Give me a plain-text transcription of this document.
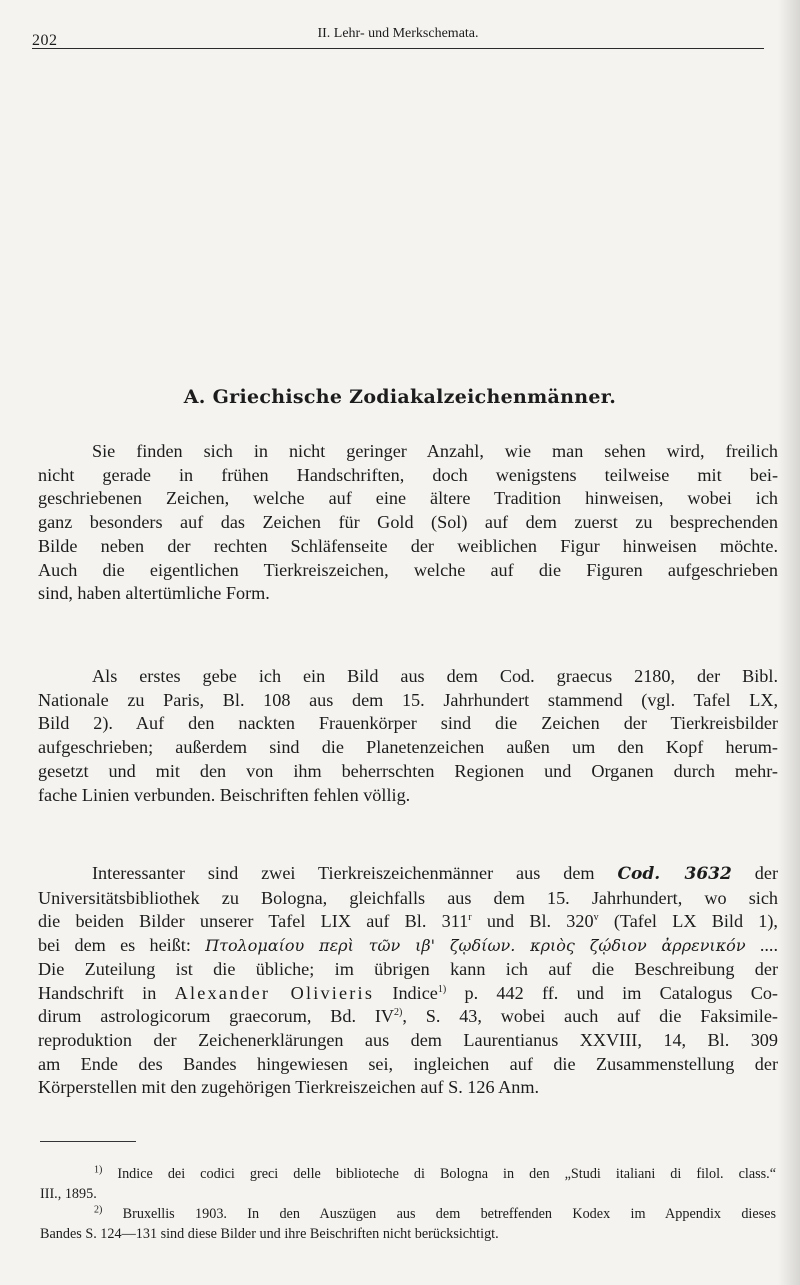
202	II. Lehr- und Merkschemata.
A. Griechische Zodiakalzeichenmänner.
Sie finden sich in nicht geringer Anzahl, wie man sehen wird, freilich
nicht gerade in frühen Handschriften, doch wenigstens teilweise mit bei-
geschriebenen Zeichen, welche auf eine ältere Tradition hinweisen, wobei ich
ganz besonders auf das Zeichen für Gold (Sol) auf dem zuerst zu besprechenden
Bilde neben der rechten Schläfenseite der weiblichen Figur hinweisen möchte.
Auch die eigentlichen Tierkreiszeichen, welche auf die Figuren aufgeschrieben
sind, haben altertümliche Form.
Als erstes gebe ich ein Bild aus dem Cod. graecus 2180, der Bibl.
Nationale zu Paris, Bl. 108 aus dem 15. Jahrhundert stammend (vgl. Tafel LX,
Bild 2). Auf den nackten Frauenkörper sind die Zeichen der Tierkreisbilder
aufgeschrieben; außerdem sind die Planetenzeichen außen um den Kopf herum-
gesetzt und mit den von ihm beherrschten Regionen und Organen durch mehr-
fache Linien verbunden. Beischriften fehlen völlig.
Interessanter sind zwei Tierkreiszeichenmänner aus dem Cod. 3632 der
Universitätsbibliothek zu Bologna, gleichfalls aus dem 15. Jahrhundert, wo sich
die beiden Bilder unserer Tafel LIX auf Bl. 311$^r$ und Bl. 320$^v$ (Tafel LX Bild 1),
bei dem es heißt: Πτολομαίου περὶ τῶν ιβ' ζῳδίων. κριὸς ζῴδιον ἀρρενικόν ....
Die Zuteilung ist die übliche; im übrigen kann ich auf die Beschreibung der
Handschrift in Alexander Olivieris Indice$^{1)}$ p. 442 ff. und im Catalogus Co-
dirum astrologicorum graecorum, Bd. IV$^{2)}$, S. 43, wobei auch auf die Faksimile-
reproduktion der Zeichenerklärungen aus dem Laurentianus XXVIII, 14, Bl. 309
am Ende des Bandes hingewiesen sei, ingleichen auf die Zusammenstellung der
Körperstellen mit den zugehörigen Tierkreiszeichen auf S. 126 Anm.
$^{1)}$ Indice dei codici greci delle biblioteche di Bologna in den „Studi italiani di filol. class.“
III., 1895.
$^{2)}$ Bruxellis 1903. In den Auszügen aus dem betreffenden Kodex im Appendix dieses
Bandes S. 124—131 sind diese Bilder und ihre Beischriften nicht berücksichtigt.
